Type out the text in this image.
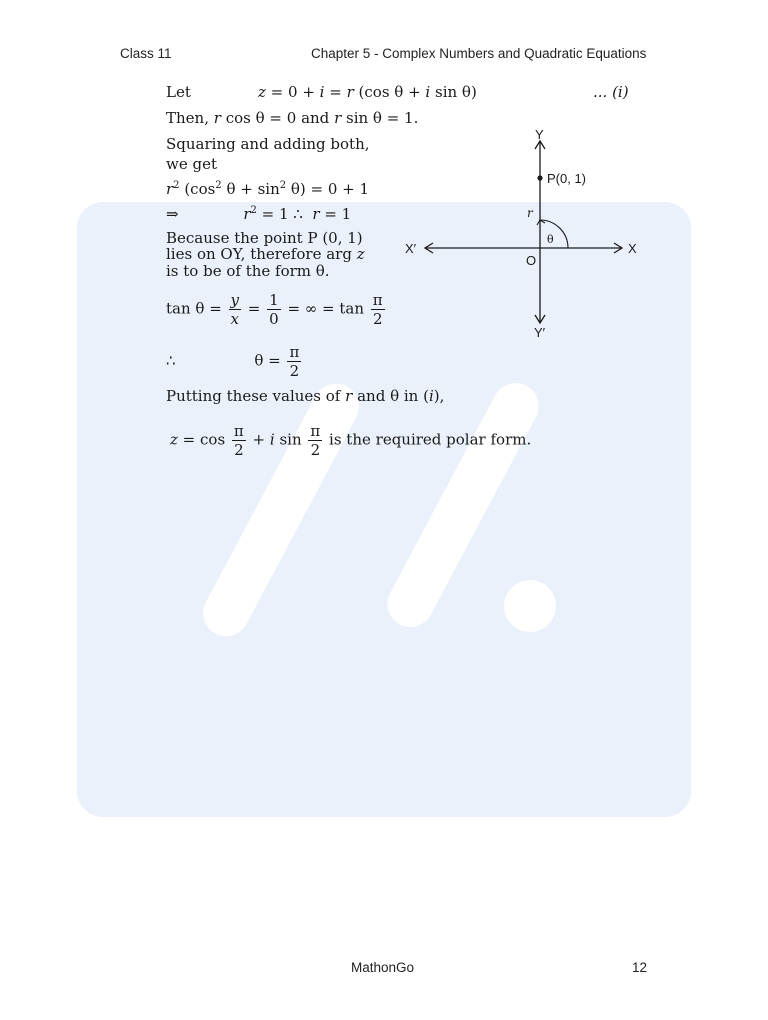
Class 11	Chapter 5 - Complex Numbers and Quadratic Equations
Let	z = 0 + i = r (cos θ + i sin θ)	... (i)
Then, r cos θ = 0 and r sin θ = 1.
Squaring and adding both,
we get
$r^2$ ($\cos^2$ $\theta + \sin^2 \theta) = 0 + 1$
⇒	$r^2 = 1$ ∴  r = 1
Because the point P (0, 1)
lies on OY, therefore arg z
is to be of the form θ.
$\tan \theta = \frac{y}{x} = \frac{1}{0}$ = ∞ = $\tan \frac{\pi}{2}$
∴	$\theta = \frac{\pi}{2}$
Putting these values of r and θ in (i),
$z = \cos \frac{\pi}{2} + i$ $\sin \frac{\pi}{2}$ is the required polar form.
Y
Y′
X
X′
O
P(0, 1)
r
θ
MathonGo	12
